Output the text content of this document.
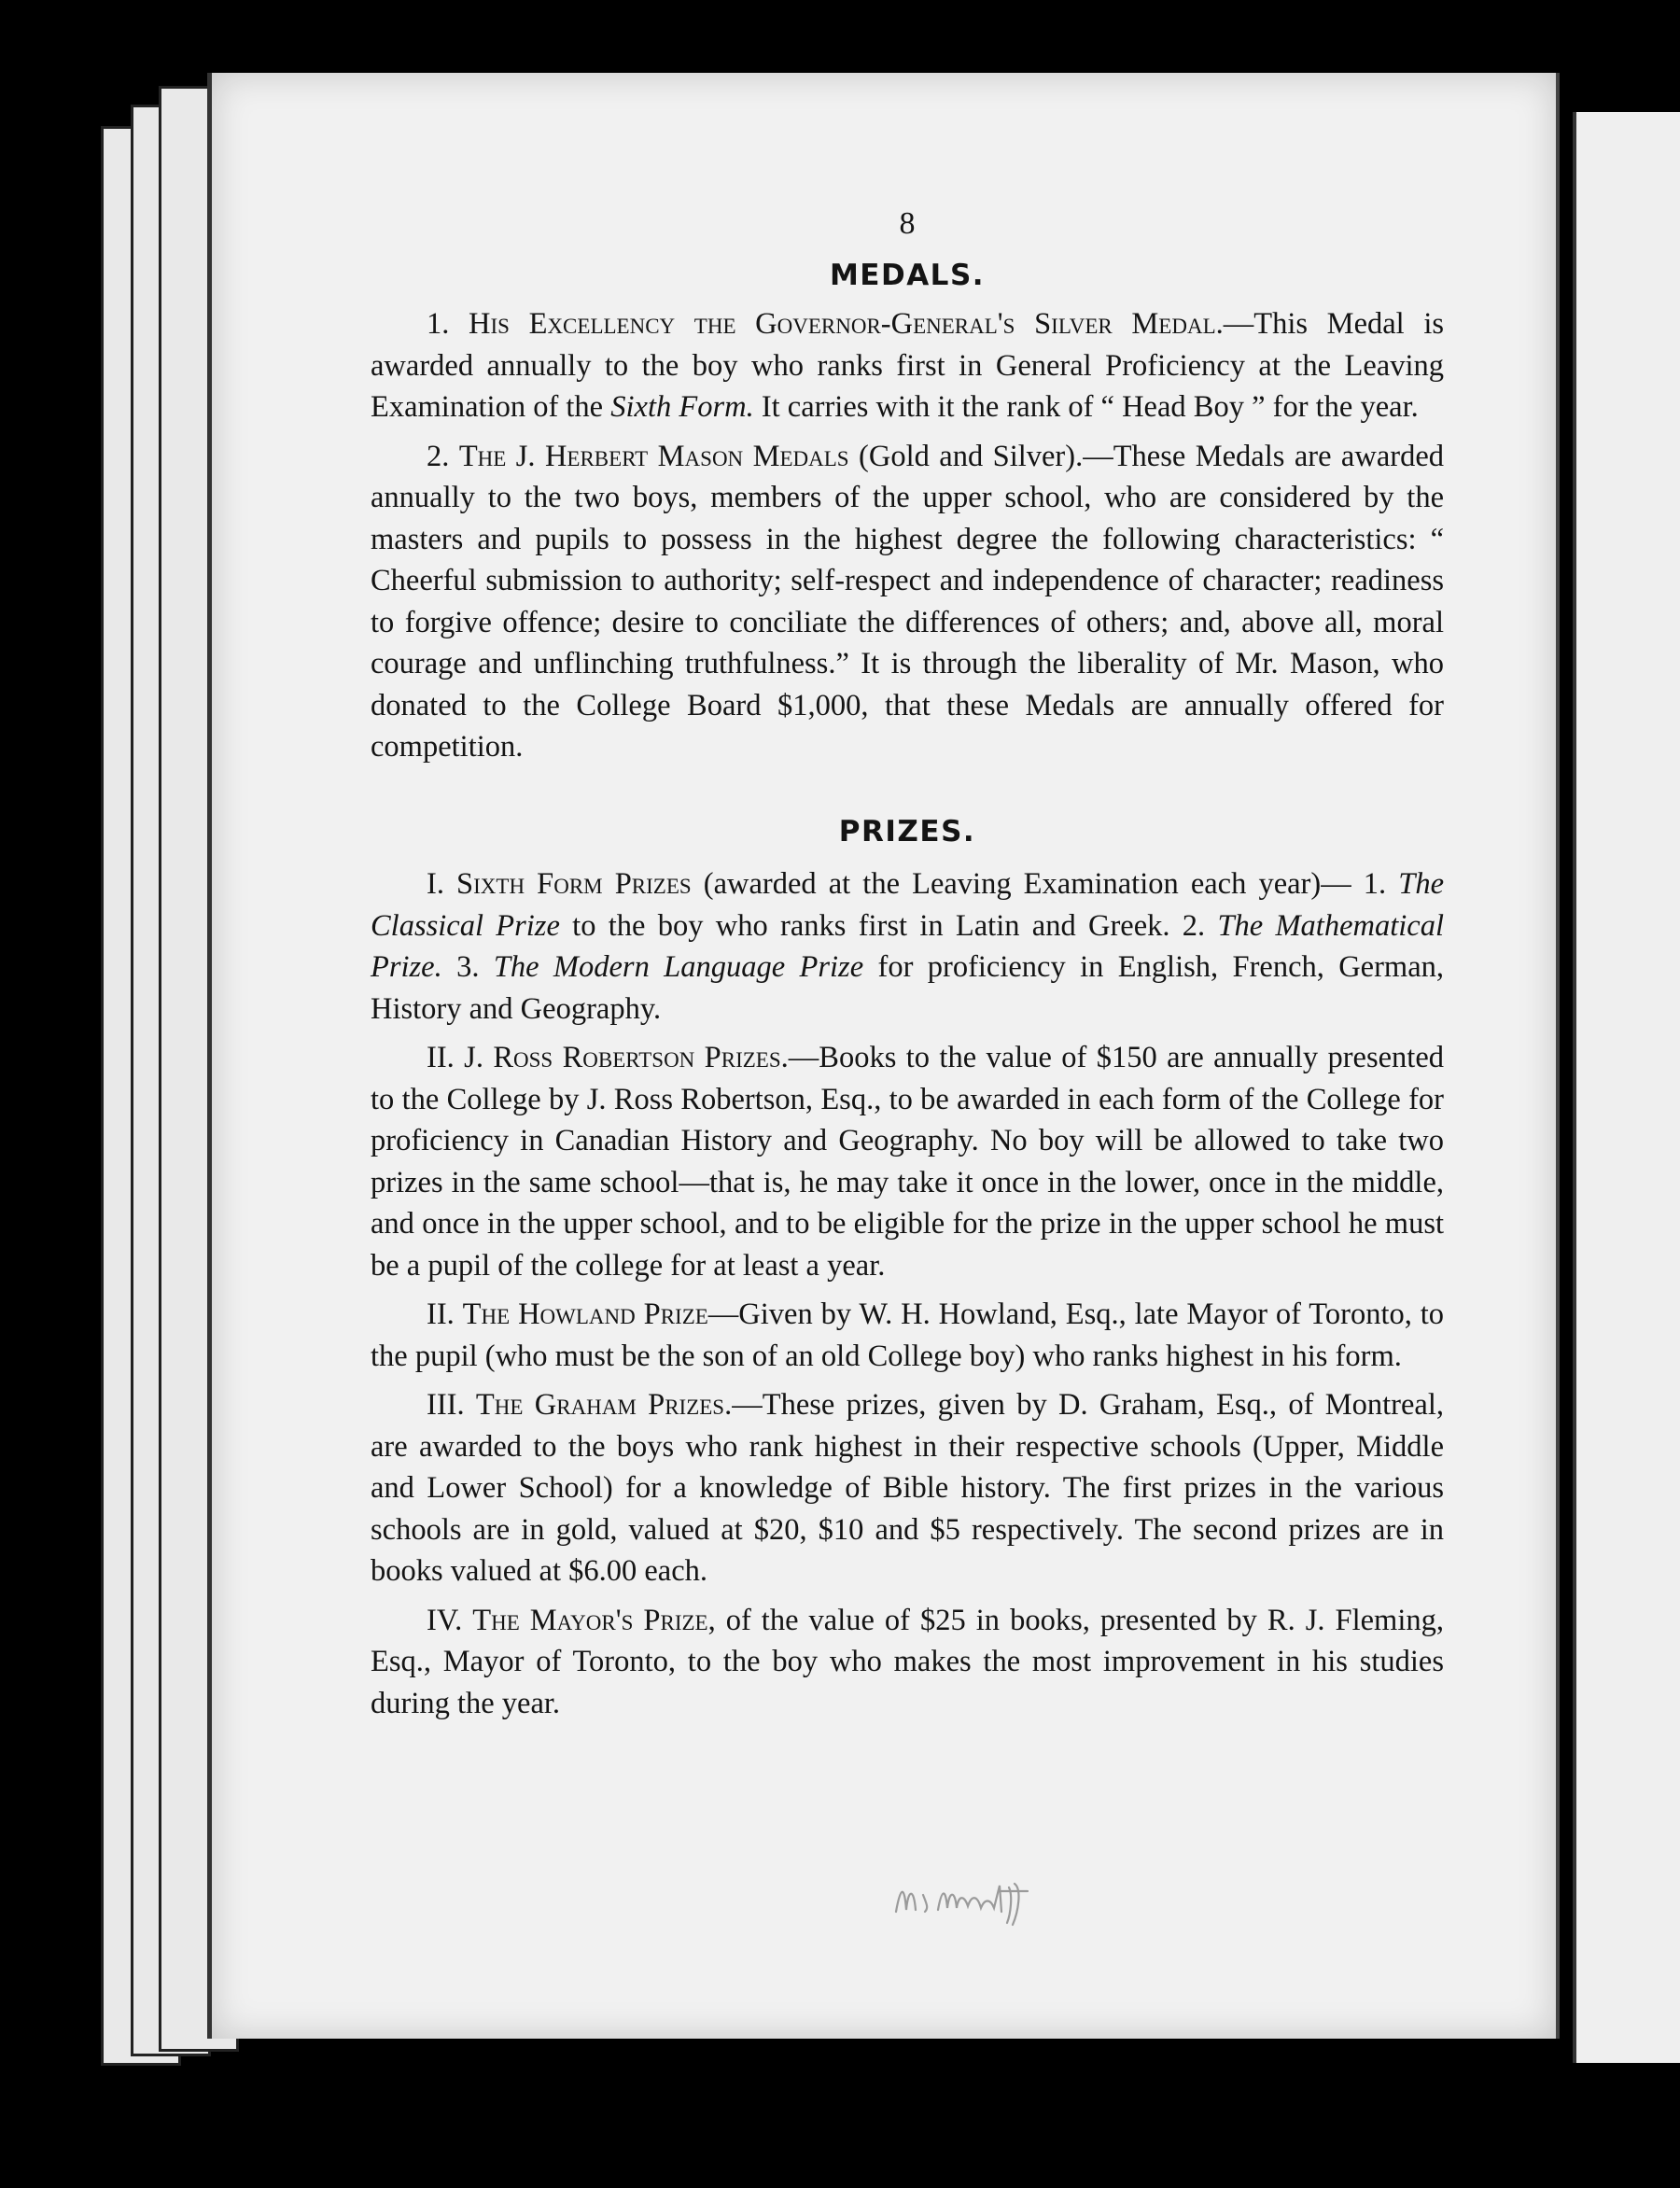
8
MEDALS.

1. His Excellency the Governor-General's Silver Medal.—This Medal is awarded annually to the boy who ranks first in General Proficiency at the Leaving Examination of the Sixth Form. It carries with it the rank of “ Head Boy ” for the year.

2. The J. Herbert Mason Medals (Gold and Silver).—These Medals are awarded annually to the two boys, members of the upper school, who are considered by the masters and pupils to possess in the highest degree the following characteristics: “ Cheerful submission to authority; self-respect and independence of character; readiness to forgive offence; desire to conciliate the differences of others; and, above all, moral courage and unflinching truthfulness.” It is through the liberality of Mr. Mason, who donated to the College Board $1,000, that these Medals are annually offered for competition.

PRIZES.

I. Sixth Form Prizes (awarded at the Leaving Examination each year)— 1. The Classical Prize to the boy who ranks first in Latin and Greek. 2. The Mathematical Prize. 3. The Modern Language Prize for proficiency in English, French, German, History and Geography.

II. J. Ross Robertson Prizes.—Books to the value of $150 are annually presented to the College by J. Ross Robertson, Esq., to be awarded in each form of the College for proficiency in Canadian History and Geography. No boy will be allowed to take two prizes in the same school—that is, he may take it once in the lower, once in the middle, and once in the upper school, and to be eligible for the prize in the upper school he must be a pupil of the college for at least a year.

II. The Howland Prize—Given by W. H. Howland, Esq., late Mayor of Toronto, to the pupil (who must be the son of an old College boy) who ranks highest in his form.

III. The Graham Prizes.—These prizes, given by D. Graham, Esq., of Montreal, are awarded to the boys who rank highest in their respective schools (Upper, Middle and Lower School) for a knowledge of Bible history. The first prizes in the various schools are in gold, valued at $20, $10 and $5 respectively. The second prizes are in books valued at $6.00 each.

IV. The Mayor's Prize, of the value of $25 in books, presented by R. J. Fleming, Esq., Mayor of Toronto, to the boy who makes the most improvement in his studies during the year.
